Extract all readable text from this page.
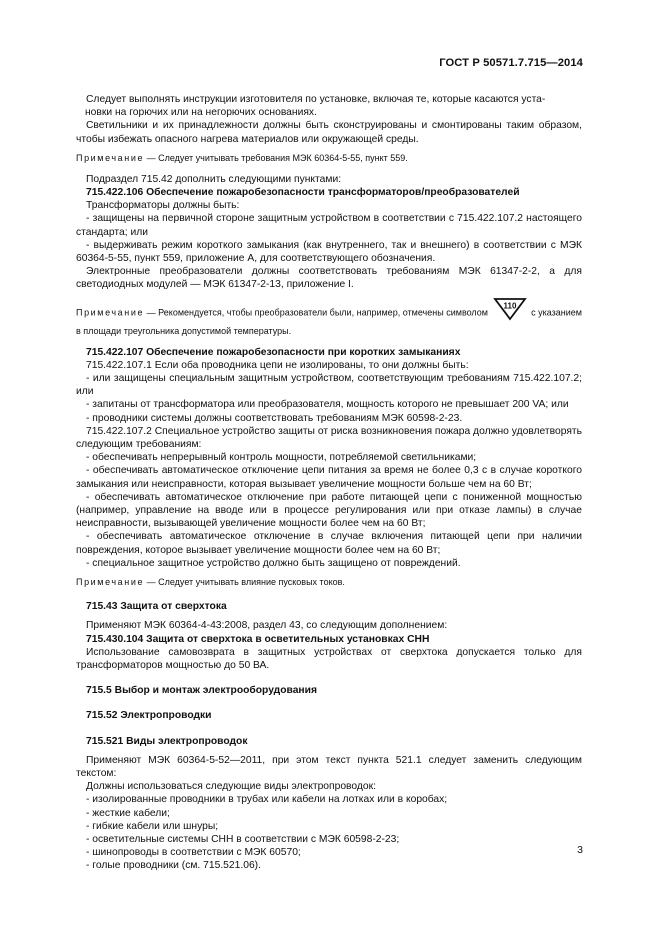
ГОСТ Р 50571.7.715—2014

Следует выполнять инструкции изготовителя по установке, включая те, которые касаются уста-

новки на горючих или на негорючих основаниях.

Светильники и их принадлежности должны быть сконструированы и смонтированы таким образом, чтобы избежать опасного нагрева материалов или окружающей среды.

Примечание — Следует учитывать требования МЭК 60364-5-55, пункт 559.

Подраздел 715.42 дополнить следующими пунктами:

715.422.106 Обеспечение пожаробезопасности трансформаторов/преобразователей

Трансформаторы должны быть:

- защищены на первичной стороне защитным устройством в соответствии с 715.422.107.2 настоящего стандарта; или

- выдерживать режим короткого замыкания (как внутреннего, так и внешнего) в соответствии с МЭК 60364-5-55, пункт 559, приложение А, для соответствующего обозначения.

Электронные преобразователи должны соответствовать требованиям МЭК 61347-2-2, а для светодиодных модулей — МЭК 61347-2-13, приложение I.

Примечание — Рекомендуется, чтобы преобразователи были, например, отмечены символом
110
с указанием в площади треугольника допустимой температуры.

715.422.107 Обеспечение пожаробезопасности при коротких замыканиях

715.422.107.1 Если оба проводника цепи не изолированы, то они должны быть:

- или защищены специальным защитным устройством, соответствующим требованиям 715.422.107.2; или

- запитаны от трансформатора или преобразователя, мощность которого не превышает 200 VA; или

- проводники системы должны соответствовать требованиям МЭК 60598-2-23.

715.422.107.2 Специальное устройство защиты от риска возникновения пожара должно удовлетворять следующим требованиям:

- обеспечивать непрерывный контроль мощности, потребляемой светильниками;

- обеспечивать автоматическое отключение цепи питания за время не более 0,3 с в случае короткого замыкания или неисправности, которая вызывает увеличение мощности больше чем на 60 Вт;

- обеспечивать автоматическое отключение при работе питающей цепи с пониженной мощностью (например, управление на вводе или в процессе регулирования или при отказе лампы) в случае неисправности, вызывающей увеличение мощности более чем на 60 Вт;

- обеспечивать автоматическое отключение в случае включения питающей цепи при наличии повреждения, которое вызывает увеличение мощности более чем на 60 Вт;

- специальное защитное устройство должно быть защищено от повреждений.

Примечание — Следует учитывать влияние пусковых токов.

715.43 Защита от сверхтока

Применяют МЭК 60364-4-43:2008, раздел 43, со следующим дополнением:

715.430.104 Защита от сверхтока в осветительных установках СНН

Использование самовозврата в защитных устройствах от сверхтока допускается только для трансформаторов мощностью до 50 ВА.

715.5 Выбор и монтаж электрооборудования

715.52 Электропроводки

715.521 Виды электропроводок

Применяют МЭК 60364-5-52—2011, при этом текст пункта 521.1 следует заменить следующим текстом:

Должны использоваться следующие виды электропроводок:

- изолированные проводники в трубах или кабели на лотках или в коробах;

- жесткие кабели;

- гибкие кабели или шнуры;

- осветительные системы СНН в соответствии с МЭК 60598-2-23;

- шинопроводы в соответствии с МЭК 60570;

- голые проводники (см. 715.521.06).

3
